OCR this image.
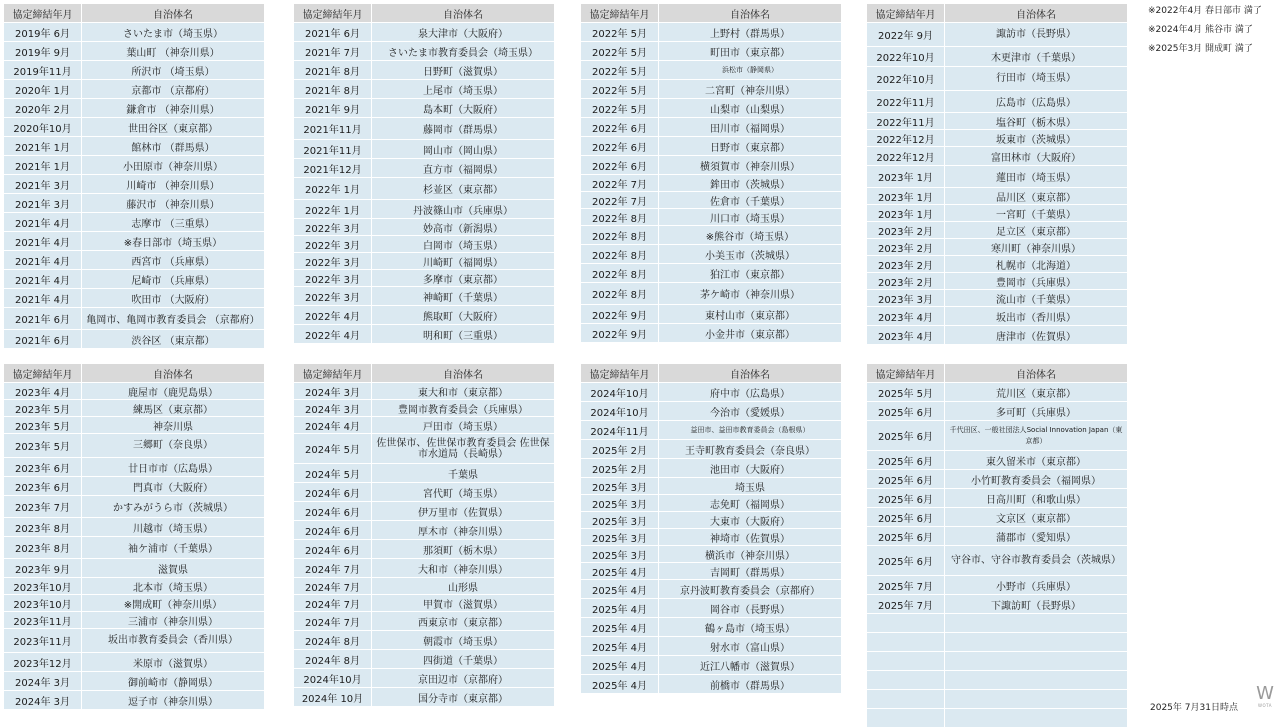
協定締結年月	自治体名
2019年 6月	さいたま市（埼玉県）
2019年 9月	葉山町 （神奈川県）
2019年11月	所沢市 （埼玉県）
2020年 1月	京都市 （京都府）
2020年 2月	鎌倉市 （神奈川県）
2020年10月	世田谷区（東京都）
2021年 1月	館林市 （群馬県）
2021年 1月	小田原市（神奈川県）
2021年 3月	川崎市 （神奈川県）
2021年 3月	藤沢市 （神奈川県）
2021年 4月	志摩市 （三重県）
2021年 4月	※春日部市（埼玉県）
2021年 4月	西宮市 （兵庫県）
2021年 4月	尼崎市 （兵庫県）
2021年 4月	吹田市 （大阪府）
2021年 6月	亀岡市、亀岡市教育委員会 （京都府）
2021年 6月	渋谷区 （東京都）
協定締結年月	自治体名
2021年 6月	泉大津市（大阪府）
2021年 7月	さいたま市教育委員会（埼玉県）
2021年 8月	日野町（滋賀県）
2021年 8月	上尾市（埼玉県）
2021年 9月	島本町（大阪府）
2021年11月	藤岡市（群馬県）
2021年11月	岡山市（岡山県）
2021年12月	直方市（福岡県）
2022年 1月	杉並区（東京都）
2022年 1月	丹波篠山市（兵庫県）
2022年 3月	妙高市（新潟県）
2022年 3月	白岡市（埼玉県）
2022年 3月	川崎町（福岡県）
2022年 3月	多摩市（東京都）
2022年 3月	神崎町（千葉県）
2022年 4月	熊取町（大阪府）
2022年 4月	明和町（三重県）
協定締結年月	自治体名
2022年 5月	上野村（群馬県）
2022年 5月	町田市（東京都）
2022年 5月	浜松市（静岡県）
2022年 5月	二宮町（神奈川県）
2022年 5月	山梨市（山梨県）
2022年 6月	田川市（福岡県）
2022年 6月	日野市（東京都）
2022年 6月	横須賀市（神奈川県）
2022年 7月	鉾田市（茨城県）
2022年 7月	佐倉市（千葉県）
2022年 8月	川口市（埼玉県）
2022年 8月	※熊谷市（埼玉県）
2022年 8月	小美玉市（茨城県）
2022年 8月	狛江市（東京都）
2022年 8月	茅ケ崎市（神奈川県）
2022年 9月	東村山市（東京都）
2022年 9月	小金井市（東京都）
協定締結年月	自治体名
2022年 9月	諏訪市（長野県）
2022年10月	木更津市（千葉県）
2022年10月	行田市（埼玉県）
2022年11月	広島市（広島県）
2022年11月	塩谷町（栃木県）
2022年12月	坂東市（茨城県）
2022年12月	富田林市（大阪府）
2023年 1月	蓮田市（埼玉県）
2023年 1月	品川区（東京都）
2023年 1月	一宮町（千葉県）
2023年 2月	足立区（東京都）
2023年 2月	寒川町（神奈川県）
2023年 2月	札幌市（北海道）
2023年 2月	豊岡市（兵庫県）
2023年 3月	流山市（千葉県）
2023年 4月	坂出市（香川県）
2023年 4月	唐津市（佐賀県）
協定締結年月	自治体名
2023年 4月	鹿屋市（鹿児島県）
2023年 5月	練馬区（東京都）
2023年 5月	神奈川県
2023年 5月	三郷町（奈良県）
2023年 6月	廿日市市（広島県）
2023年 6月	門真市（大阪府）
2023年 7月	かすみがうら市（茨城県）
2023年 8月	川越市（埼玉県）
2023年 8月	袖ケ浦市（千葉県）
2023年 9月	滋賀県
2023年10月	北本市（埼玉県）
2023年10月	※開成町（神奈川県）
2023年11月	三浦市（神奈川県）
2023年11月	坂出市教育委員会（香川県）
2023年12月	米原市（滋賀県）
2024年 3月	御前崎市（静岡県）
2024年 3月	逗子市（神奈川県）
協定締結年月	自治体名
2024年 3月	東大和市（東京都）
2024年 3月	豊岡市教育委員会（兵庫県）
2024年 4月	戸田市（埼玉県）
2024年 5月	佐世保市、佐世保市教育委員会 佐世保市水道局（長崎県）
2024年 5月	千葉県
2024年 6月	宮代町（埼玉県）
2024年 6月	伊万里市（佐賀県）
2024年 6月	厚木市（神奈川県）
2024年 6月	那須町（栃木県）
2024年 7月	大和市（神奈川県）
2024年 7月	山形県
2024年 7月	甲賀市（滋賀県）
2024年 7月	西東京市（東京都）
2024年 8月	朝霞市（埼玉県）
2024年 8月	四街道（千葉県）
2024年10月	京田辺市（京都府）
2024年 10月	国分寺市（東京都）
協定締結年月	自治体名
2024年10月	府中市（広島県）
2024年10月	今治市（愛媛県）
2024年11月	益田市、益田市教育委員会（島根県）
2025年 2月	王寺町教育委員会（奈良県）
2025年 2月	池田市（大阪府）
2025年 3月	埼玉県
2025年 3月	志免町（福岡県）
2025年 3月	大東市（大阪府）
2025年 3月	神埼市（佐賀県）
2025年 3月	横浜市（神奈川県）
2025年 4月	吉岡町（群馬県）
2025年 4月	京丹波町教育委員会（京都府）
2025年 4月	岡谷市（長野県）
2025年 4月	鶴ヶ島市（埼玉県）
2025年 4月	射水市（富山県）
2025年 4月	近江八幡市（滋賀県）
2025年 4月	前橋市（群馬県）
協定締結年月	自治体名
2025年 5月	荒川区（東京都）
2025年 6月	多可町（兵庫県）
2025年 6月	千代田区、一般社団法人Social Innovation Japan（東京都）
2025年 6月	東久留米市（東京都）
2025年 6月	小竹町教育委員会（福岡県）
2025年 6月	日高川町（和歌山県）
2025年 6月	文京区（東京都）
2025年 6月	蒲郡市（愛知県）
2025年 6月	守谷市、守谷市教育委員会（茨城県）
2025年 7月	小野市（兵庫県）
2025年 7月	下諏訪町（長野県）

※2022年4月 春日部市 満了
※2024年4月 熊谷市 満了
※2025年3月 開成町 満了
2025年 7月31日時点
W
WOTA
